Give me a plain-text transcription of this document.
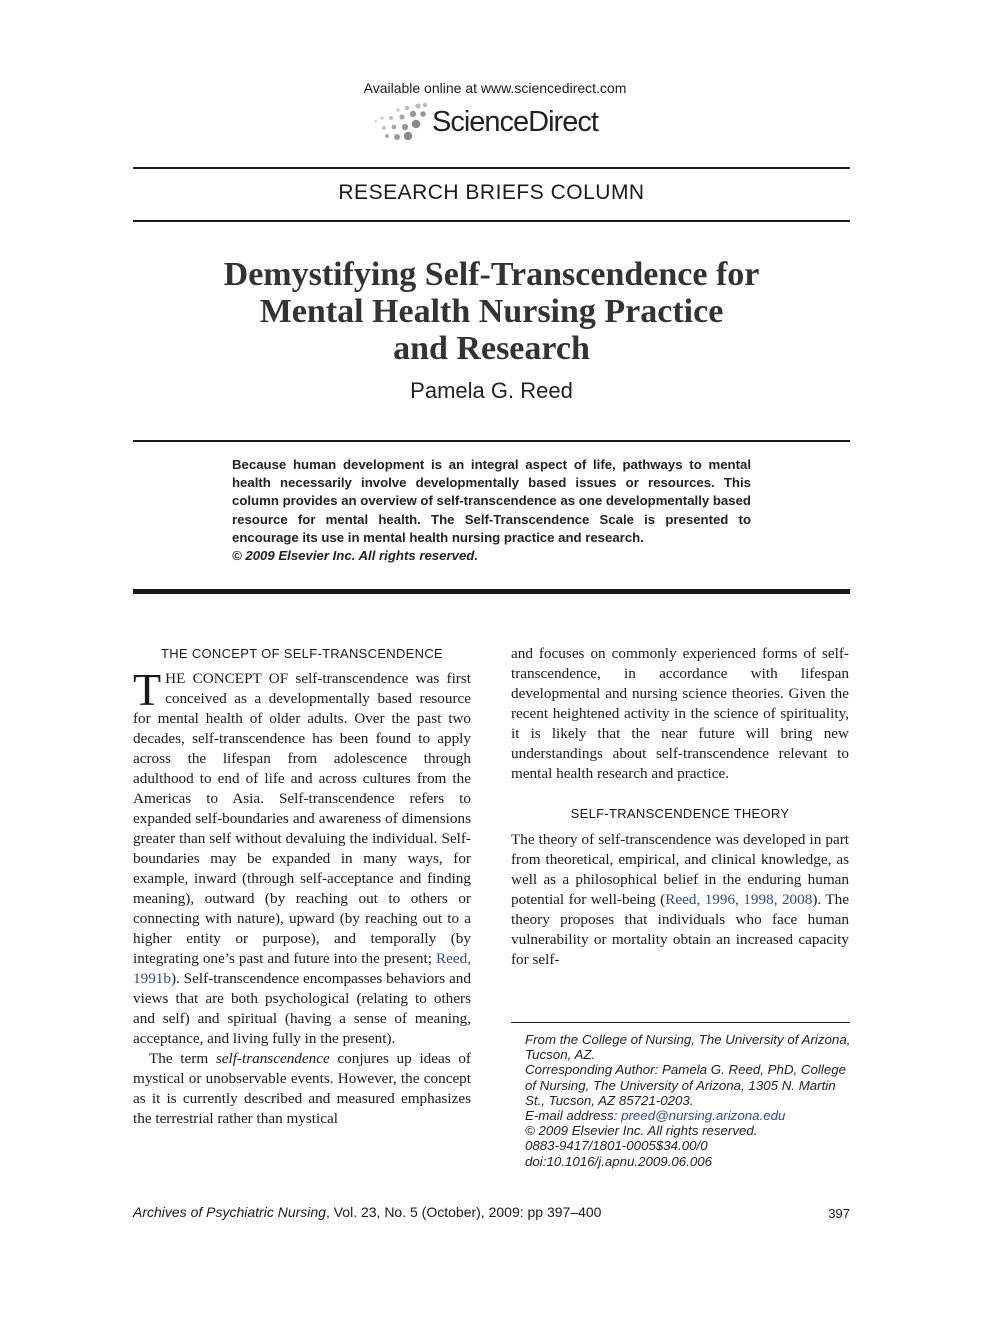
Available online at www.sciencedirect.com
ScienceDirect
RESEARCH BRIEFS COLUMN
Demystifying Self-Transcendence for
Mental Health Nursing Practice
and Research
Pamela G. Reed
Because human development is an integral aspect of life, pathways to mental health necessarily involve developmentally based issues or resources. This column provides an overview of self-transcendence as one developmentally based resource for mental health. The Self-Transcendence Scale is presented to encourage its use in mental health nursing practice and research.
© 2009 Elsevier Inc. All rights reserved.
THE CONCEPT OF SELF-TRANSCENDENCE

THE CONCEPT OF self-transcendence was first conceived as a developmentally based resource for mental health of older adults. Over the past two decades, self-transcendence has been found to apply across the lifespan from adolescence through adulthood to end of life and across cultures from the Americas to Asia. Self-transcendence refers to expanded self-boundaries and awareness of dimensions greater than self without devaluing the individual. Self-boundaries may be expanded in many ways, for example, inward (through self-acceptance and finding meaning), outward (by reaching out to others or connecting with nature), upward (by reaching out to a higher entity or purpose), and temporally (by integrating one’s past and future into the present; Reed, 1991b). Self-transcendence encompasses behaviors and views that are both psychological (relating to others and self) and spiritual (having a sense of meaning, acceptance, and living fully in the present).

The term self-transcendence conjures up ideas of mystical or unobservable events. However, the concept as it is currently described and measured emphasizes the terrestrial rather than mystical

and focuses on commonly experienced forms of self-transcendence, in accordance with lifespan developmental and nursing science theories. Given the recent heightened activity in the science of spirituality, it is likely that the near future will bring new understandings about self-transcendence relevant to mental health research and practice.

SELF-TRANSCENDENCE THEORY

The theory of self-transcendence was developed in part from theoretical, empirical, and clinical knowledge, as well as a philosophical belief in the enduring human potential for well-being (Reed, 1996, 1998, 2008). The theory proposes that individuals who face human vulnerability or mortality obtain an increased capacity for self-

From the College of Nursing, The University of Arizona, Tucson, AZ.

Corresponding Author: Pamela G. Reed, PhD, College of Nursing, The University of Arizona, 1305 N. Martin St., Tucson, AZ 85721-0203.

E-mail address: preed@nursing.arizona.edu

© 2009 Elsevier Inc. All rights reserved.

0883-9417/1801-0005$34.00/0

doi:10.1016/j.apnu.2009.06.006

Archives of Psychiatric Nursing, Vol. 23, No. 5 (October), 2009: pp 397–400	397
